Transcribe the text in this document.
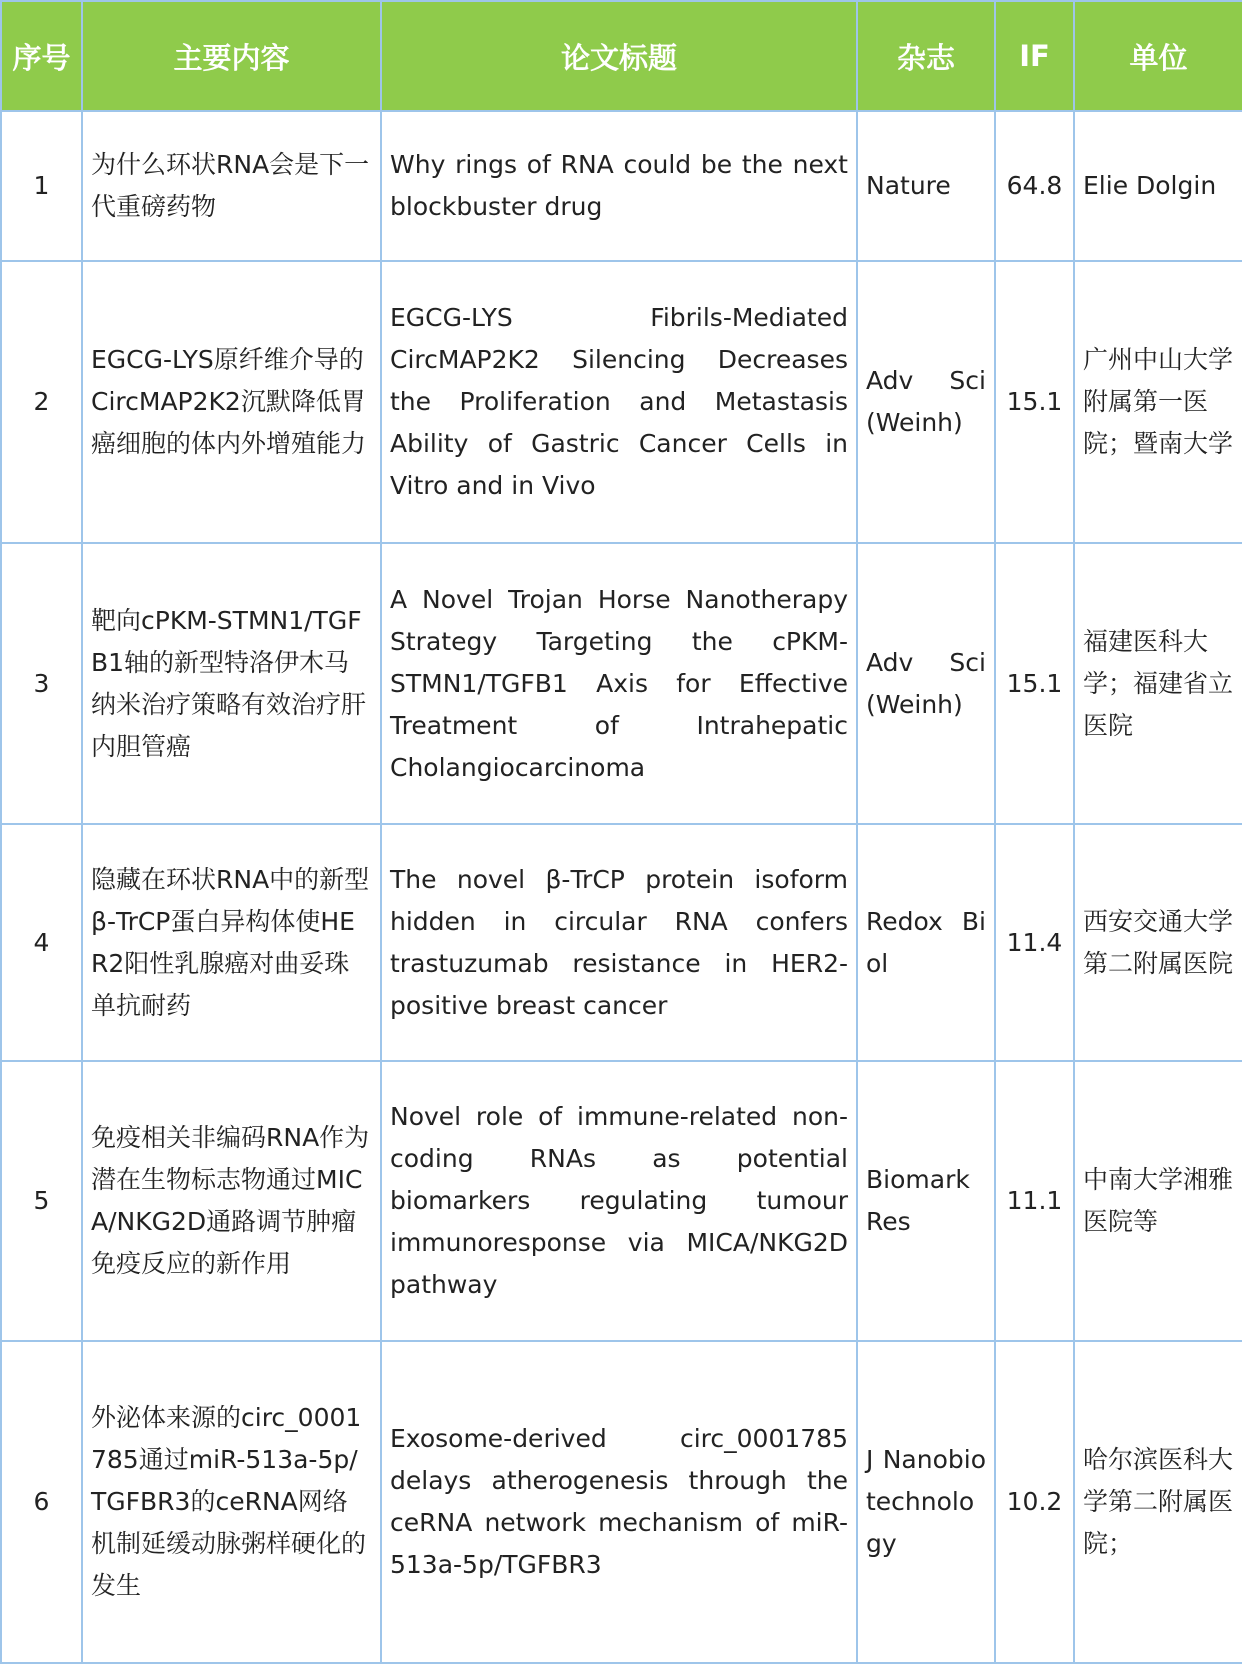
序号	主要内容	论文标题	杂志	IF	单位
1	为什么环状RNA会是下一代重磅药物	Why rings of RNA could be the next blockbuster drug	Nature	64.8	Elie Dolgin
2	EGCG-LYS原纤维介导的CircMAP2K2沉默降低胃癌细胞的体内外增殖能力	EGCG-LYS Fibrils-Mediated CircMAP2K2 Silencing Decreases the Proliferation and Metastasis Ability of Gastric Cancer Cells in Vitro and in Vivo	Adv Sci (Weinh)	15.1	广州中山大学附属第一医院；暨南大学
3	靶向cPKM-STMN1/TGFB1轴的新型特洛伊木马纳米治疗策略有效治疗肝内胆管癌	A Novel Trojan Horse Nanotherapy Strategy Targeting the cPKM-STMN1/TGFB1 Axis for Effective Treatment of Intrahepatic Cholangiocarcinoma	Adv Sci (Weinh)	15.1	福建医科大学；福建省立医院
4	隐藏在环状RNA中的新型β-TrCP蛋白异构体使HER2阳性乳腺癌对曲妥珠单抗耐药	The novel β-TrCP protein isoform hidden in circular RNA confers trastuzumab resistance in HER2-positive breast cancer	Redox Biol	11.4	西安交通大学第二附属医院
5	免疫相关非编码RNA作为潜在生物标志物通过MICA/NKG2D通路调节肿瘤免疫反应的新作用	Novel role of immune-related non-coding RNAs as potential biomarkers regulating tumour immunoresponse via MICA/NKG2D pathway	Biomark Res	11.1	中南大学湘雅医院等
6	外泌体来源的circ_0001785通过miR-513a-5p/TGFBR3的ceRNA网络机制延缓动脉粥样硬化的发生	Exosome-derived circ_0001785 delays atherogenesis through the ceRNA network mechanism of miR-513a-5p/TGFBR3	J Nanobiotechnology	10.2	哈尔滨医科大学第二附属医院；
